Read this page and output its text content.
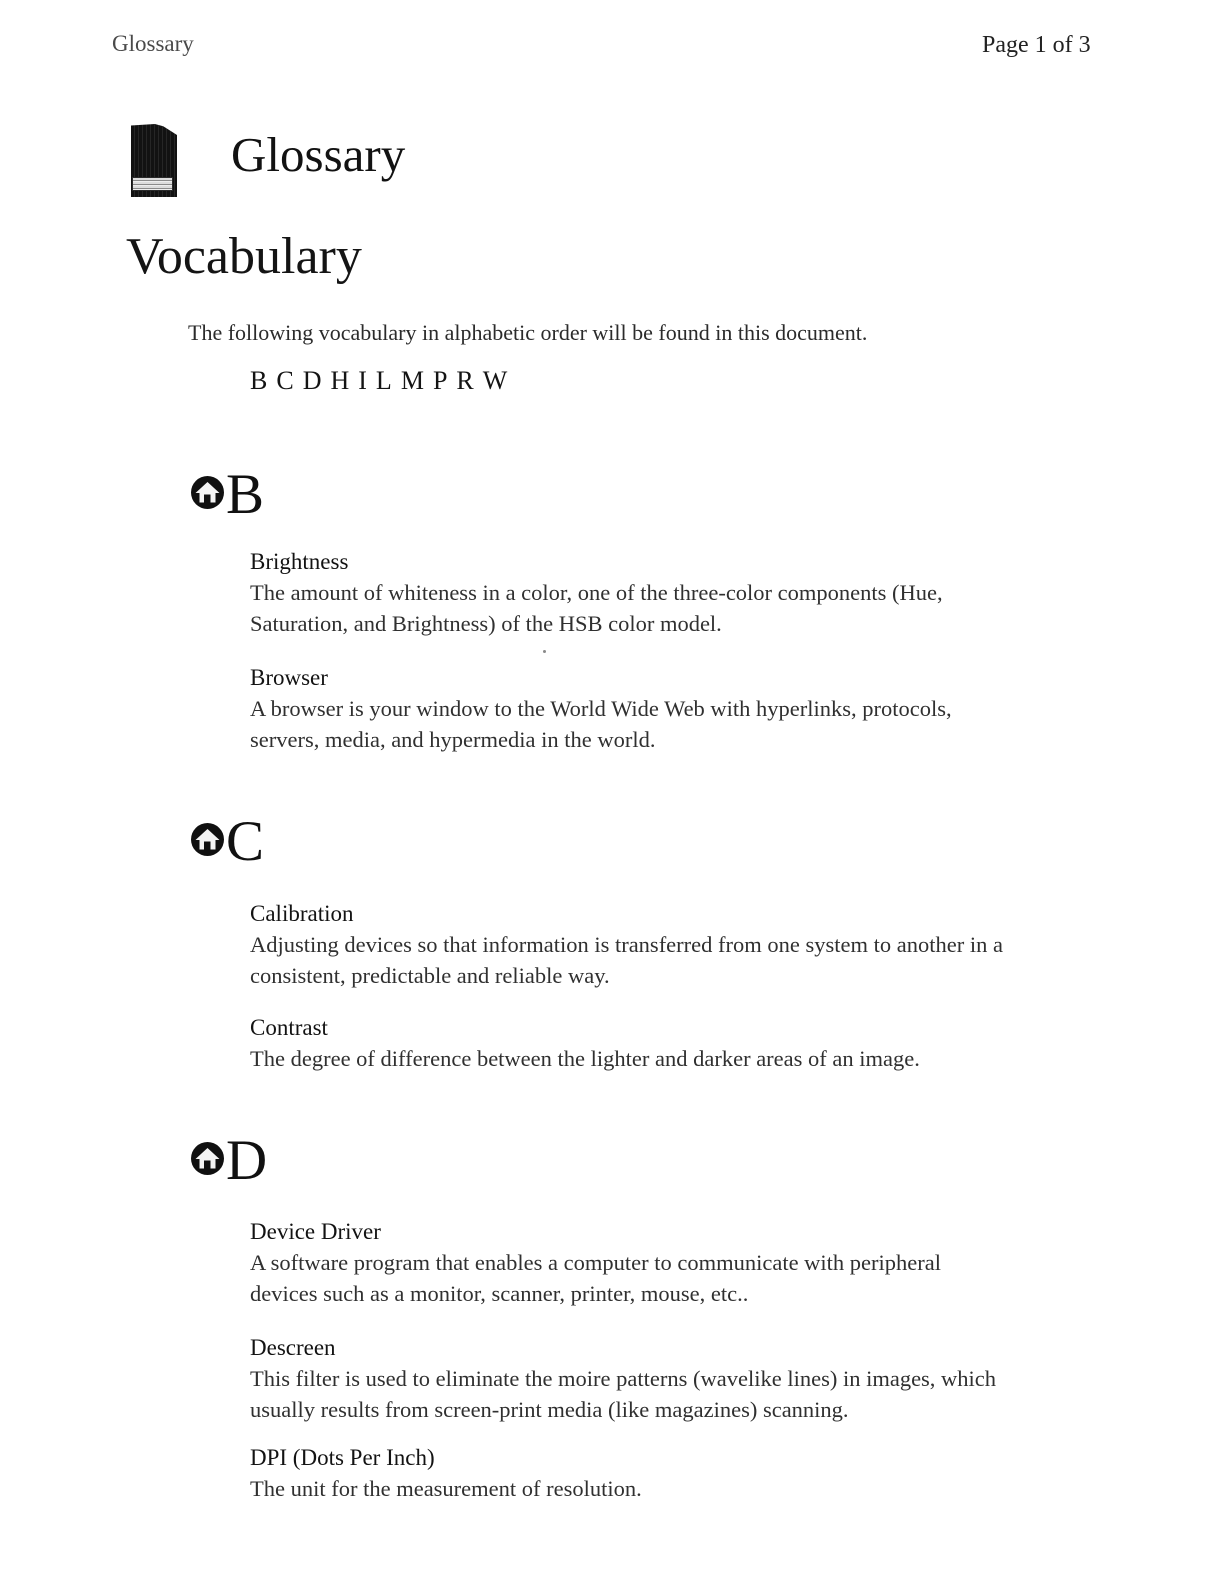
Glossary	Page 1 of 3
Glossary
Vocabulary
The following vocabulary in alphabetic order will be found in this document.
B C D H I L M P R W
B
Brightness
The amount of whiteness in a color, one of the three-color components (Hue,
Saturation, and Brightness) of the HSB color model.
Browser
A browser is your window to the World Wide Web with hyperlinks, protocols,
servers, media, and hypermedia in the world.
C
Calibration
Adjusting devices so that information is transferred from one system to another in a
consistent, predictable and reliable way.
Contrast
The degree of difference between the lighter and darker areas of an image.
D
Device Driver
A software program that enables a computer to communicate with peripheral
devices such as a monitor, scanner, printer, mouse, etc..
Descreen
This filter is used to eliminate the moire patterns (wavelike lines) in images, which
usually results from screen-print media (like magazines) scanning.
DPI (Dots Per Inch)
The unit for the measurement of resolution.
